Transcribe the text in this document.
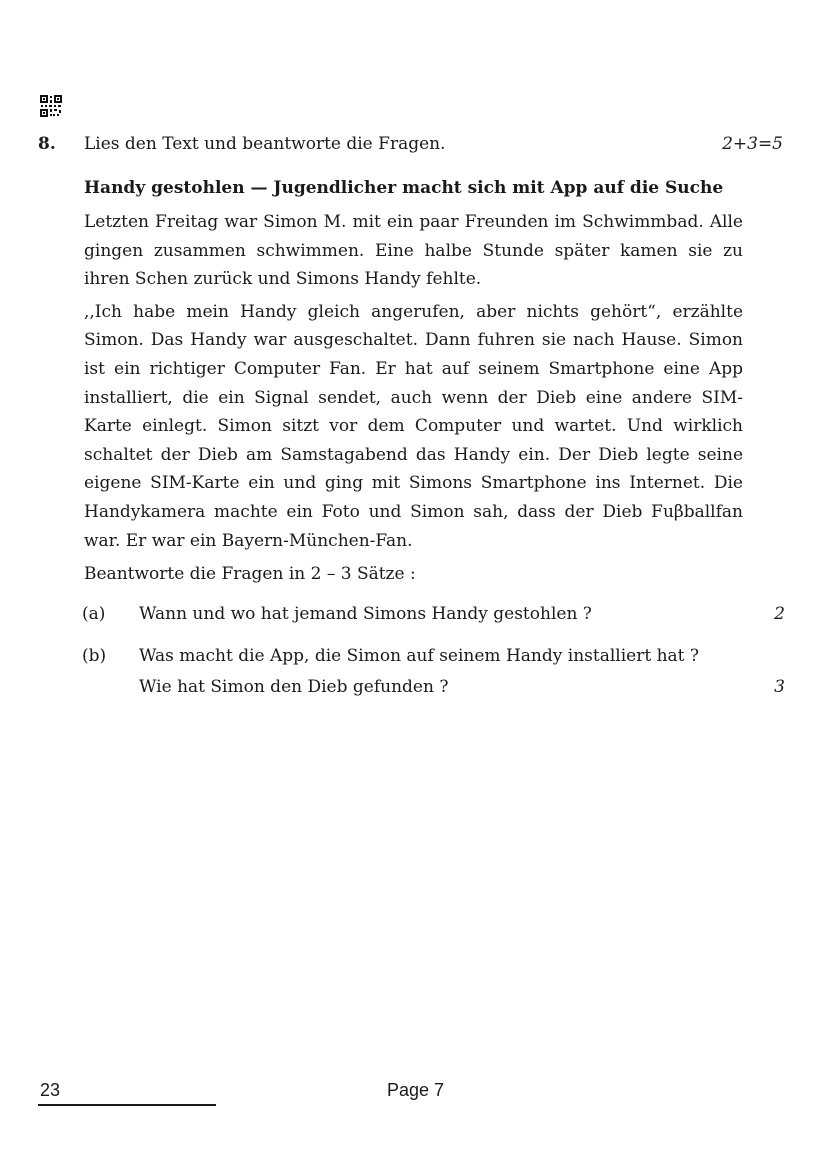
8. Lies den Text und beantworte die Fragen.	2+3=5
Handy gestohlen — Jugendlicher macht sich mit App auf die Suche

Letzten Freitag war Simon M. mit ein paar Freunden im Schwimmbad. Alle gingen zusammen schwimmen. Eine halbe Stunde später kamen sie zu ihren Schen zurück und Simons Handy fehlte.

,,Ich habe mein Handy gleich angerufen, aber nichts gehört“, erzählte Simon. Das Handy war ausgeschaltet. Dann fuhren sie nach Hause. Simon ist ein richtiger Computer Fan. Er hat auf seinem Smartphone eine App installiert, die ein Signal sendet, auch wenn der Dieb eine andere SIM-Karte einlegt. Simon sitzt vor dem Computer und wartet. Und wirklich schaltet der Dieb am Samstagabend das Handy ein. Der Dieb legte seine eigene SIM-Karte ein und ging mit Simons Smartphone ins Internet. Die Handykamera machte ein Foto und Simon sah, dass der Dieb Fuβballfan war. Er war ein Bayern-München-Fan.

Beantworte die Fragen in 2 – 3 Sätze :
(a) Wann und wo hat jemand Simons Handy gestohlen ?	2
(b) Was macht die App, die Simon auf seinem Handy installiert hat ?
Wie hat Simon den Dieb gefunden ?	3
23	Page 7
